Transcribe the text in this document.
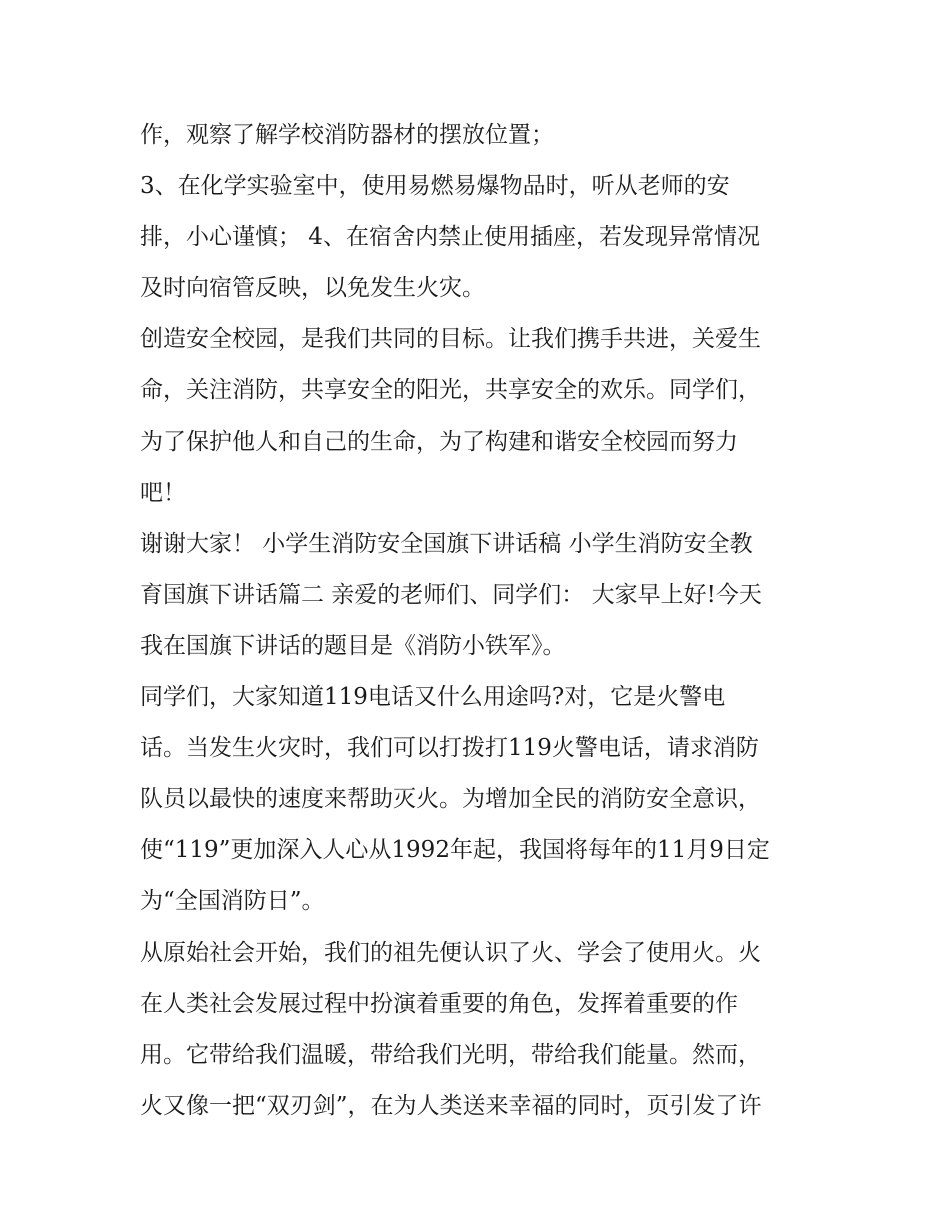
作，观察了解学校消防器材的摆放位置；
3、在化学实验室中，使用易燃易爆物品时，听从老师的安
排，小心谨慎； 4、在宿舍内禁止使用插座，若发现异常情况
及时向宿管反映，以免发生火灾。
创造安全校园，是我们共同的目标。让我们携手共进，关爱生
命，关注消防，共享安全的阳光，共享安全的欢乐。同学们，
为了保护他人和自己的生命，为了构建和谐安全校园而努力
吧！
谢谢大家！ 小学生消防安全国旗下讲话稿 小学生消防安全教
育国旗下讲话篇二 亲爱的老师们、同学们： 大家早上好!今天
我在国旗下讲话的题目是《消防小铁军》。
同学们，大家知道119电话又什么用途吗?对，它是火警电
话。当发生火灾时，我们可以打拨打119火警电话，请求消防
队员以最快的速度来帮助灭火。为增加全民的消防安全意识，
使“119”更加深入人心从1992年起，我国将每年的11月9日定
为“全国消防日”。
从原始社会开始，我们的祖先便认识了火、学会了使用火。火
在人类社会发展过程中扮演着重要的角色，发挥着重要的作
用。它带给我们温暖，带给我们光明，带给我们能量。然而，
火又像一把“双刃剑”，在为人类送来幸福的同时，页引发了许
